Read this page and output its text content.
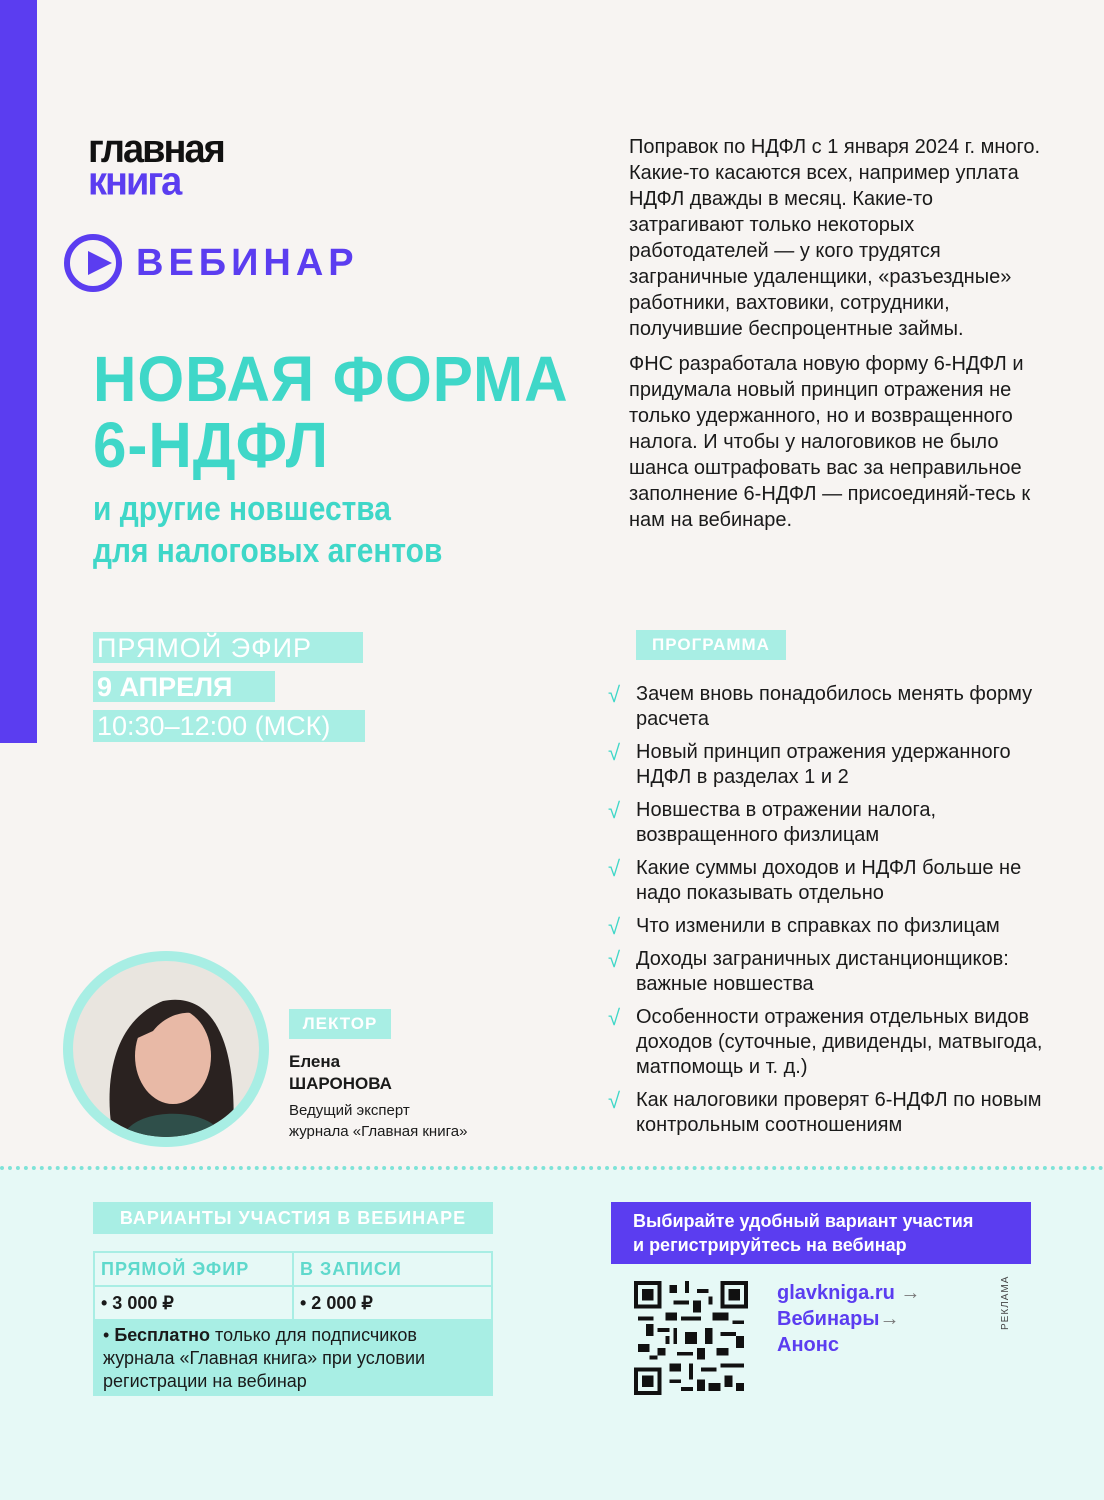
главная
книга
ВЕБИНАР
НОВАЯ ФОРМА
6-НДФЛ
и другие новшества
для налоговых агентов
ПРЯМОЙ ЭФИР
9 АПРЕЛЯ
10:30–12:00 (МСК)

Поправок по НДФЛ с 1 января 2024 г. много. Какие-то касаются всех, например уплата НДФЛ дважды в месяц. Какие-то затрагивают только некоторых работодателей — у кого трудятся заграничные удаленщики, «разъездные» работники, вахтовики, сотрудники, получившие беспроцентные займы.

ФНС разработала новую форму 6-НДФЛ и придумала новый принцип отражения не только удержанного, но и возвращенного налога. И чтобы у налоговиков не было шанса оштрафовать вас за неправильное заполнение 6-НДФЛ — присоединяй-тесь к нам на вебинаре.

ПРОГРАММА
√ Зачем вновь понадобилось менять форму расчета
√ Новый принцип отражения удержанного НДФЛ в разделах 1 и 2
√ Новшества в отражении налога, возвращенного физлицам
√ Какие суммы доходов и НДФЛ больше не надо показывать отдельно
√ Что изменили в справках по физлицам
√ Доходы заграничных дистанционщиков: важные новшества
√ Особенности отражения отдельных видов доходов (суточные, дивиденды, матвыгода, матпомощь и т. д.)
√ Как налоговики проверят 6-НДФЛ по новым контрольным соотношениям
ЛЕКТОР
Елена
ШАРОНОВА
Ведущий эксперт
журнала «Главная книга»
ВАРИАНТЫ УЧАСТИЯ В ВЕБИНАРЕ
ПРЯМОЙ ЭФИР	В ЗАПИСИ
• 3 000 ₽	• 2 000 ₽
• Бесплатно только для подписчиков журнала «Главная книга» при условии регистрации на вебинар
Выбирайте удобный вариант участия
и регистрируйтесь на вебинар
glavkniga.ru →
Вебинары→
Анонс
РЕКЛАМА
